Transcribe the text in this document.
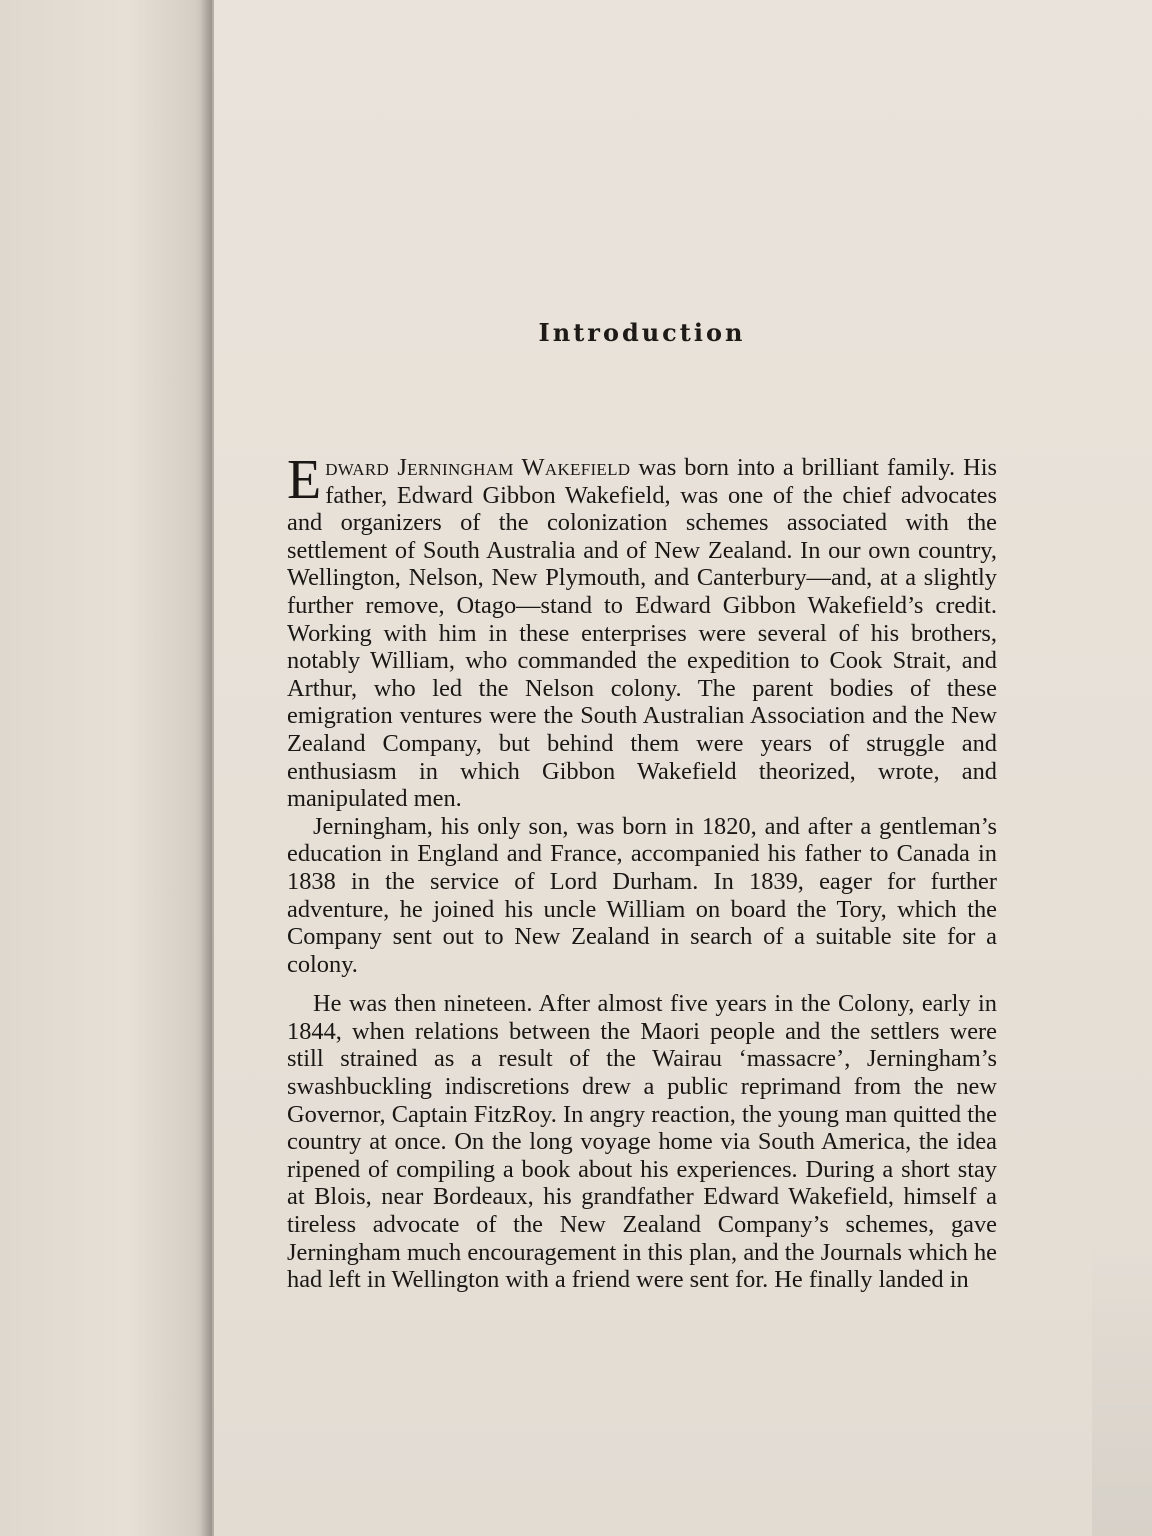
Introduction

Edward Jerningham Wakefield was born into a brilliant family. His father, Edward Gibbon Wakefield, was one of the chief advocates and organizers of the colonization schemes associated with the settlement of South Australia and of New Zealand. In our own country, Wellington, Nelson, New Plymouth, and Canterbury—and, at a slightly further remove, Otago—stand to Edward Gibbon Wakefield’s credit. Working with him in these enterprises were several of his brothers, notably William, who commanded the expedition to Cook Strait, and Arthur, who led the Nelson colony. The parent bodies of these emigration ventures were the South Australian Association and the New Zealand Company, but behind them were years of struggle and enthusiasm in which Gibbon Wakefield theorized, wrote, and manipulated men.

Jerningham, his only son, was born in 1820, and after a gentleman’s education in England and France, accompanied his father to Canada in 1838 in the service of Lord Durham. In 1839, eager for further adventure, he joined his uncle William on board the Tory, which the Company sent out to New Zealand in search of a suitable site for a colony.

He was then nineteen. After almost five years in the Colony, early in 1844, when relations between the Maori people and the settlers were still strained as a result of the Wairau ‘massacre’, Jerningham’s swashbuckling indiscretions drew a public reprimand from the new Governor, Captain FitzRoy. In angry reaction, the young man quitted the country at once. On the long voyage home via South America, the idea ripened of compiling a book about his experiences. During a short stay at Blois, near Bordeaux, his grandfather Edward Wakefield, himself a tireless advocate of the New Zealand Company’s schemes, gave Jerningham much encouragement in this plan, and the Journals which he had left in Wellington with a friend were sent for. He finally landed in
